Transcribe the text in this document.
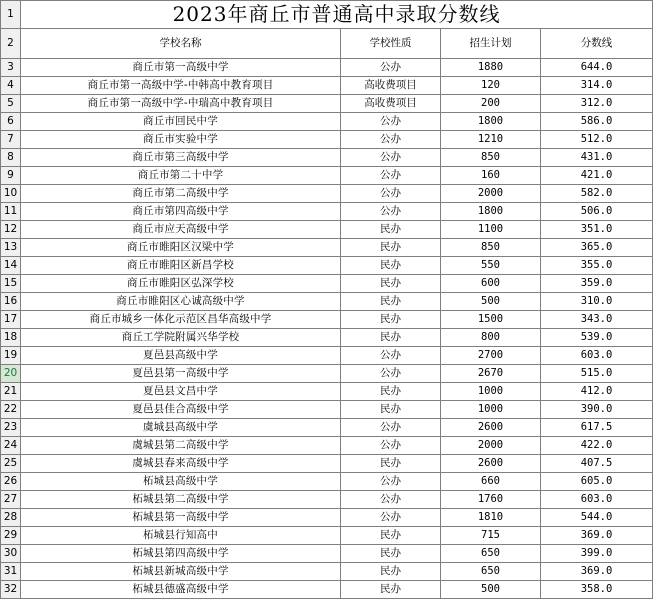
1	2023年商丘市普通高中录取分数线			
2	学校名称	学校性质	招生计划	分数线
3	商丘市第一高级中学	公办	1880	644.0
4	商丘市第一高级中学-中韩高中教育项目	高收费项目	120	314.0
5	商丘市第一高级中学-中瑞高中教育项目	高收费项目	200	312.0
6	商丘市回民中学	公办	1800	586.0
7	商丘市实验中学	公办	1210	512.0
8	商丘市第三高级中学	公办	850	431.0
9	商丘市第二十中学	公办	160	421.0
10	商丘市第二高级中学	公办	2000	582.0
11	商丘市第四高级中学	公办	1800	506.0
12	商丘市应天高级中学	民办	1100	351.0
13	商丘市睢阳区汉梁中学	民办	850	365.0
14	商丘市睢阳区新昌学校	民办	550	355.0
15	商丘市睢阳区弘深学校	民办	600	359.0
16	商丘市睢阳区心诚高级中学	民办	500	310.0
17	商丘市城乡一体化示范区昌华高级中学	民办	1500	343.0
18	商丘工学院附属兴华学校	民办	800	539.0
19	夏邑县高级中学	公办	2700	603.0
20	夏邑县第一高级中学	公办	2670	515.0
21	夏邑县文昌中学	民办	1000	412.0
22	夏邑县佳合高级中学	民办	1000	390.0
23	虞城县高级中学	公办	2600	617.5
24	虞城县第二高级中学	公办	2000	422.0
25	虞城县春来高级中学	民办	2600	407.5
26	柘城县高级中学	公办	660	605.0
27	柘城县第二高级中学	公办	1760	603.0
28	柘城县第一高级中学	公办	1810	544.0
29	柘城县行知高中	民办	715	369.0
30	柘城县第四高级中学	民办	650	399.0
31	柘城县新城高级中学	民办	650	369.0
32	柘城县德盛高级中学	民办	500	358.0
